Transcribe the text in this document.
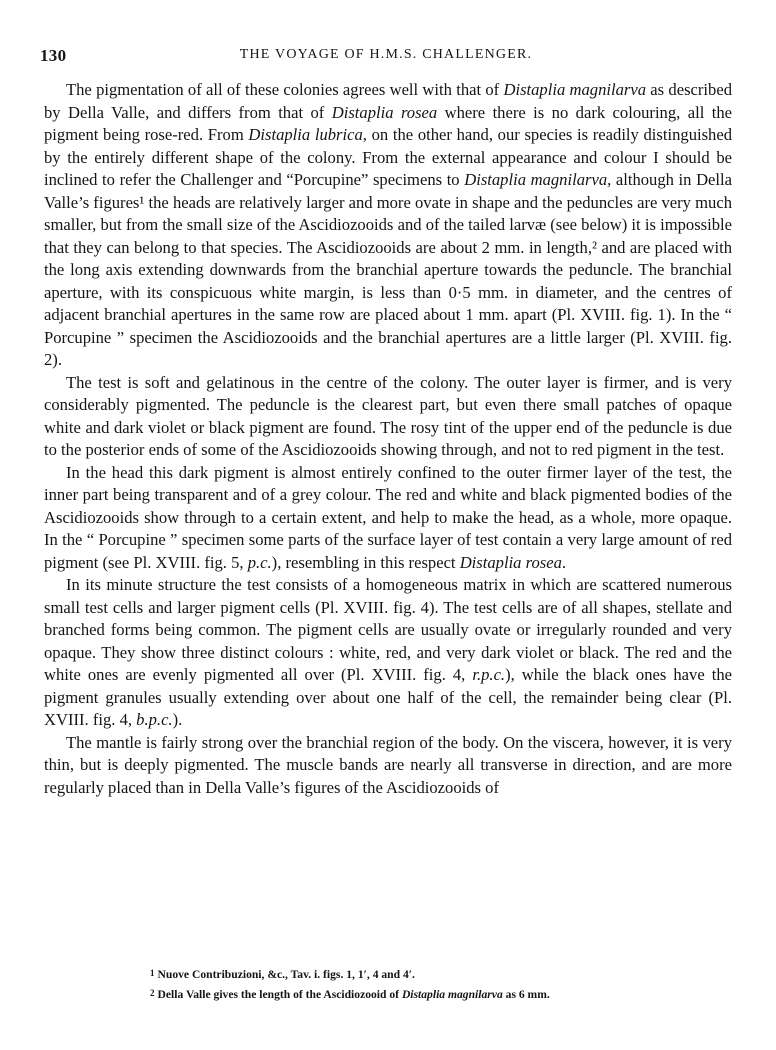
130	THE VOYAGE OF H.M.S. CHALLENGER.

The pigmentation of all of these colonies agrees well with that of Distaplia magnilarva as described by Della Valle, and differs from that of Distaplia rosea where there is no dark colouring, all the pigment being rose-red. From Distaplia lubrica, on the other hand, our species is readily distinguished by the entirely different shape of the colony. From the external appearance and colour I should be inclined to refer the Challenger and “Porcupine” specimens to Distaplia magnilarva, although in Della Valle’s figures¹ the heads are relatively larger and more ovate in shape and the peduncles are very much smaller, but from the small size of the Ascidiozooids and of the tailed larvæ (see below) it is impossible that they can belong to that species. The Ascidiozooids are about 2 mm. in length,² and are placed with the long axis extending downwards from the branchial aperture towards the peduncle. The branchial aperture, with its conspicuous white margin, is less than 0·5 mm. in diameter, and the centres of adjacent branchial apertures in the same row are placed about 1 mm. apart (Pl. XVIII. fig. 1). In the “ Porcupine ” specimen the Ascidiozooids and the branchial apertures are a little larger (Pl. XVIII. fig. 2).

The test is soft and gelatinous in the centre of the colony. The outer layer is firmer, and is very considerably pigmented. The peduncle is the clearest part, but even there small patches of opaque white and dark violet or black pigment are found. The rosy tint of the upper end of the peduncle is due to the posterior ends of some of the Ascidiozooids showing through, and not to red pigment in the test.

In the head this dark pigment is almost entirely confined to the outer firmer layer of the test, the inner part being transparent and of a grey colour. The red and white and black pigmented bodies of the Ascidiozooids show through to a certain extent, and help to make the head, as a whole, more opaque. In the “ Porcupine ” specimen some parts of the surface layer of test contain a very large amount of red pigment (see Pl. XVIII. fig. 5, p.c.), resembling in this respect Distaplia rosea.

In its minute structure the test consists of a homogeneous matrix in which are scattered numerous small test cells and larger pigment cells (Pl. XVIII. fig. 4). The test cells are of all shapes, stellate and branched forms being common. The pigment cells are usually ovate or irregularly rounded and very opaque. They show three distinct colours : white, red, and very dark violet or black. The red and the white ones are evenly pigmented all over (Pl. XVIII. fig. 4, r.p.c.), while the black ones have the pigment granules usually extending over about one half of the cell, the remainder being clear (Pl. XVIII. fig. 4, b.p.c.).

The mantle is fairly strong over the branchial region of the body. On the viscera, however, it is very thin, but is deeply pigmented. The muscle bands are nearly all transverse in direction, and are more regularly placed than in Della Valle’s figures of the Ascidiozooids of

1 Nuove Contribuzioni, &c., Tav. i. figs. 1, 1′, 4 and 4′.

2 Della Valle gives the length of the Ascidiozooid of Distaplia magnilarva as 6 mm.
